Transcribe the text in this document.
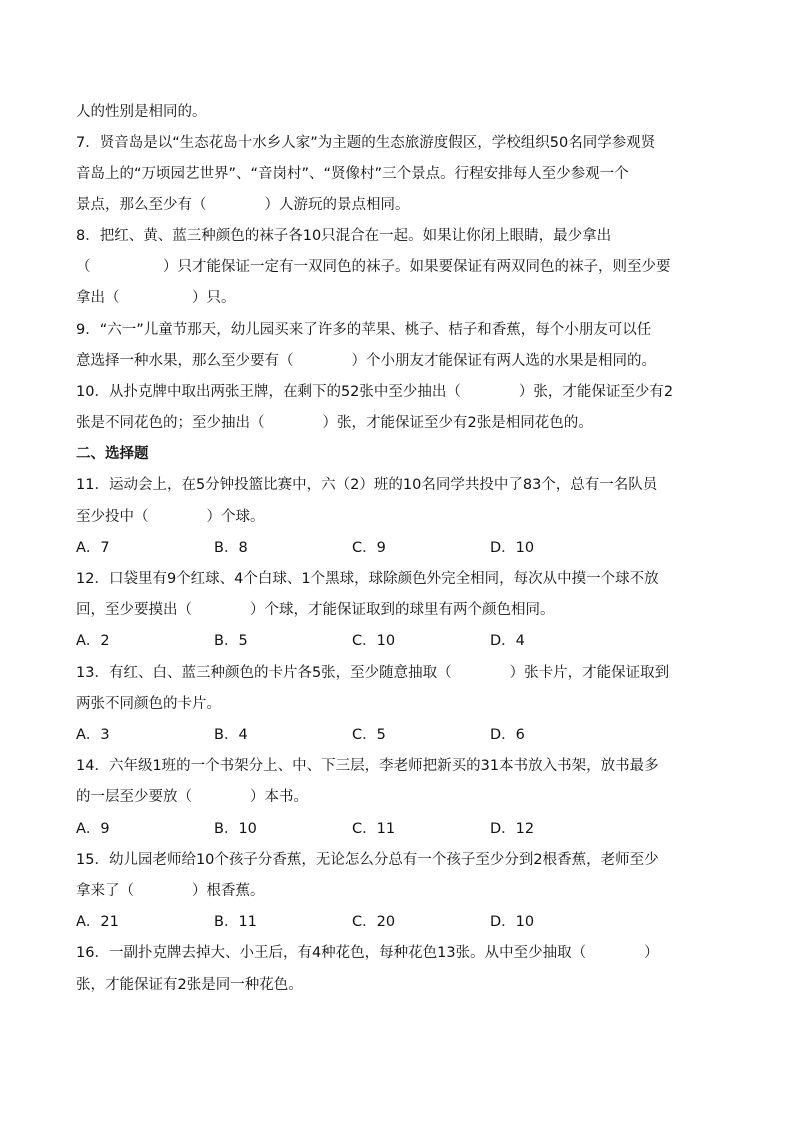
人的性别是相同的。
7．贤音岛是以“生态花岛十水乡人家”为主题的生态旅游度假区，学校组织50名同学参观贤
音岛上的“万顷园艺世界”、“音岗村”、“贤像村”三个景点。行程安排每人至少参观一个
景点，那么至少有（　　　　）人游玩的景点相同。
8．把红、黄、蓝三种颜色的袜子各10只混合在一起。如果让你闭上眼睛，最少拿出
（　　　　　）只才能保证一定有一双同色的袜子。如果要保证有两双同色的袜子，则至少要
拿出（　　　　　）只。
9．“六一”儿童节那天，幼儿园买来了许多的苹果、桃子、桔子和香蕉，每个小朋友可以任
意选择一种水果，那么至少要有（　　　　）个小朋友才能保证有两人选的水果是相同的。
10．从扑克牌中取出两张王牌，在剩下的52张中至少抽出（　　　　）张，才能保证至少有2
张是不同花色的；至少抽出（　　　　）张，才能保证至少有2张是相同花色的。
二、选择题
11．运动会上，在5分钟投篮比赛中，六（2）班的10名同学共投中了83个，总有一名队员
至少投中（　　　　）个球。
A．7	B．8	C．9	D．10
12．口袋里有9个红球、4个白球、1个黑球，球除颜色外完全相同，每次从中摸一个球不放
回，至少要摸出（　　　　）个球，才能保证取到的球里有两个颜色相同。
A．2	B．5	C．10	D．4
13．有红、白、蓝三种颜色的卡片各5张，至少随意抽取（　　　　）张卡片，才能保证取到
两张不同颜色的卡片。
A．3	B．4	C．5	D．6
14．六年级1班的一个书架分上、中、下三层，李老师把新买的31本书放入书架，放书最多
的一层至少要放（　　　　）本书。
A．9	B．10	C．11	D．12
15．幼儿园老师给10个孩子分香蕉，无论怎么分总有一个孩子至少分到2根香蕉，老师至少
拿来了（　　　　）根香蕉。
A．21	B．11	C．20	D．10
16．一副扑克牌去掉大、小王后，有4种花色，每种花色13张。从中至少抽取（　　　　）
张，才能保证有2张是同一种花色。
